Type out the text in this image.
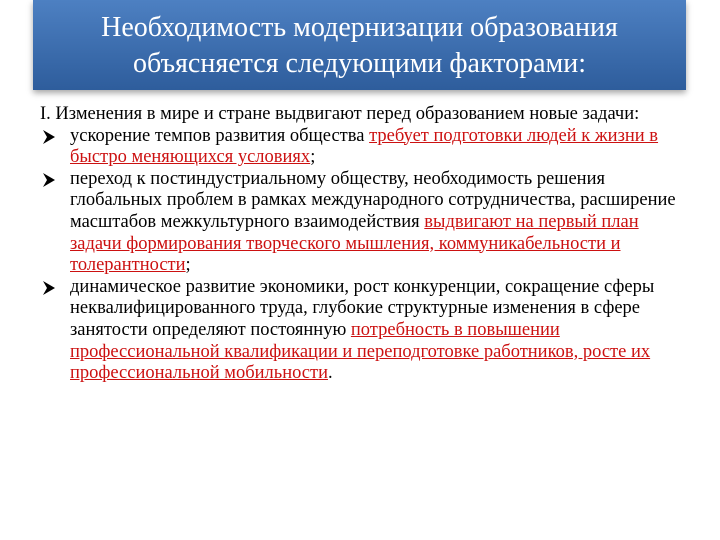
Необходимость модернизации образования
объясняется следующими факторами:

I. Изменения в мире и стране выдвигают перед образованием новые задачи:

ускорение темпов развития общества требует подготовки людей к жизни в быстро меняющихся условиях;

переход к постиндустриальному обществу, необходимость решения глобальных проблем в рамках международного сотрудничества, расширение масштабов межкультурного взаимодействия выдвигают на первый план задачи формирования творческого мышления, коммуникабельности и толерантности;

динамическое развитие экономики, рост конкуренции, сокращение сферы неквалифицированного труда, глубокие структурные изменения в сфере занятости определяют постоянную потребность в повышении профессиональной квалификации и переподготовке работников, росте их профессиональной мобильности.
